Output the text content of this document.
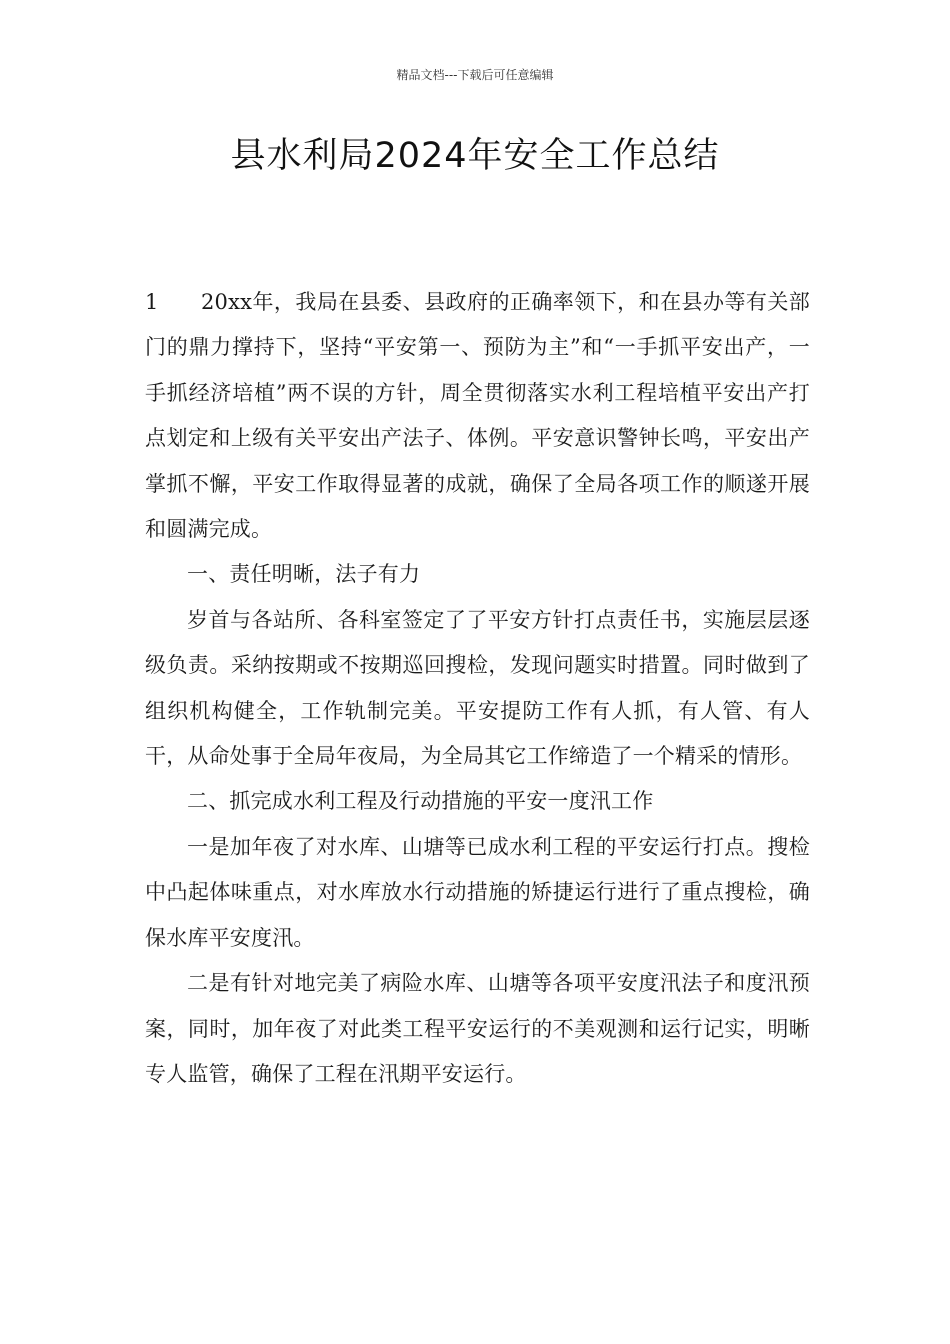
精品文档---下载后可任意编辑
县水利局2024年安全工作总结

1 20xx年，我局在县委、县政府的正确率领下，和在县办等有关部门的鼎力撑持下，坚持“平安第一、预防为主”和“一手抓平安出产，一手抓经济培植”两不误的方针，周全贯彻落实水利工程培植平安出产打点划定和上级有关平安出产法子、体例。平安意识警钟长鸣，平安出产掌抓不懈，平安工作取得显著的成就，确保了全局各项工作的顺遂开展和圆满完成。

一、责任明晰，法子有力

岁首与各站所、各科室签定了了平安方针打点责任书，实施层层逐级负责。采纳按期或不按期巡回搜检，发现问题实时措置。同时做到了组织机构健全，工作轨制完美。平安提防工作有人抓，有人管、有人干，从命处事于全局年夜局，为全局其它工作缔造了一个精采的情形。

二、抓完成水利工程及行动措施的平安一度汛工作

一是加年夜了对水库、山塘等已成水利工程的平安运行打点。搜检中凸起体味重点，对水库放水行动措施的矫捷运行进行了重点搜检，确保水库平安度汛。

二是有针对地完美了病险水库、山塘等各项平安度汛法子和度汛预案，同时，加年夜了对此类工程平安运行的不美观测和运行记实，明晰专人监管，确保了工程在汛期平安运行。
